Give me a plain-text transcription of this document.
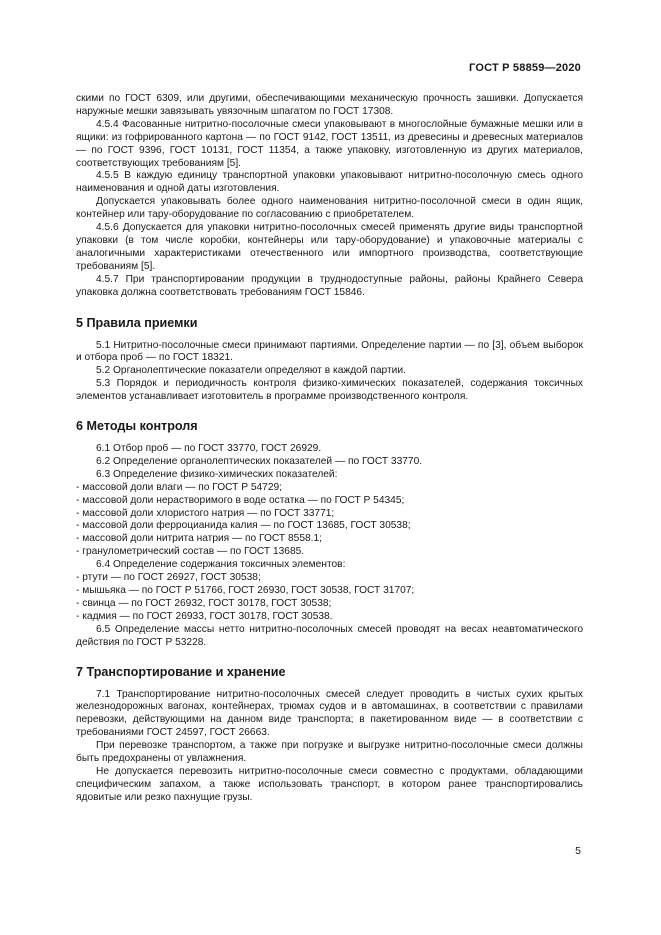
ГОСТ Р 58859—2020

скими по ГОСТ 6309, или другими, обеспечивающими механическую прочность зашивки. Допускается наружные мешки завязывать увязочным шпагатом по ГОСТ 17308.

4.5.4 Фасованные нитритно-посолочные смеси упаковывают в многослойные бумажные мешки или в ящики: из гофрированного картона — по ГОСТ 9142, ГОСТ 13511, из древесины и древесных материалов — по ГОСТ 9396, ГОСТ 10131, ГОСТ 11354, а также упаковку, изготовленную из других материалов, соответствующих требованиям [5].

4.5.5 В каждую единицу транспортной упаковки упаковывают нитритно-посолочную смесь одного наименования и одной даты изготовления.

Допускается упаковывать более одного наименования нитритно-посолочной смеси в один ящик, контейнер или тару-оборудование по согласованию с приобретателем.

4.5.6 Допускается для упаковки нитритно-посолочных смесей применять другие виды транспортной упаковки (в том числе коробки, контейнеры или тару-оборудование) и упаковочные материалы с аналогичными характеристиками отечественного или импортного производства, соответствующие требованиям [5].

4.5.7 При транспортировании продукции в труднодоступные районы, районы Крайнего Севера упаковка должна соответствовать требованиям ГОСТ 15846.

5 Правила приемки

5.1 Нитритно-посолочные смеси принимают партиями. Определение партии — по [3], объем выборок и отбора проб — по ГОСТ 18321.

5.2 Органолептические показатели определяют в каждой партии.

5.3 Порядок и периодичность контроля физико-химических показателей, содержания токсичных элементов устанавливает изготовитель в программе производственного контроля.

6 Методы контроля

6.1 Отбор проб — по ГОСТ 33770, ГОСТ 26929.

6.2 Определение органолептических показателей — по ГОСТ 33770.

6.3 Определение физико-химических показателей:

- массовой доли влаги — по ГОСТ Р 54729;

- массовой доли нерастворимого в воде остатка — по ГОСТ Р 54345;

- массовой доли хлористого натрия — по ГОСТ 33771;

- массовой доли ферроцианида калия — по ГОСТ 13685, ГОСТ 30538;

- массовой доли нитрита натрия — по ГОСТ 8558.1;

- гранулометрический состав — по ГОСТ 13685.

6.4 Определение содержания токсичных элементов:

- ртути — по ГОСТ 26927, ГОСТ 30538;

- мышьяка — по ГОСТ Р 51766, ГОСТ 26930, ГОСТ 30538, ГОСТ 31707;

- свинца — по ГОСТ 26932, ГОСТ 30178, ГОСТ 30538;

- кадмия — по ГОСТ 26933, ГОСТ 30178, ГОСТ 30538.

6.5 Определение массы нетто нитритно-посолочных смесей проводят на весах неавтоматического действия по ГОСТ Р 53228.

7 Транспортирование и хранение

7.1 Транспортирование нитритно-посолочных смесей следует проводить в чистых сухих крытых железнодорожных вагонах, контейнерах, трюмах судов и в автомашинах, в соответствии с правилами перевозки, действующими на данном виде транспорта; в пакетированном виде — в соответствии с требованиями ГОСТ 24597, ГОСТ 26663.

При перевозке транспортом, а также при погрузке и выгрузке нитритно-посолочные смеси должны быть предохранены от увлажнения.

Не допускается перевозить нитритно-посолочные смеси совместно с продуктами, обладающими специфическим запахом, а также использовать транспорт, в котором ранее транспортировались ядовитые или резко пахнущие грузы.

5
